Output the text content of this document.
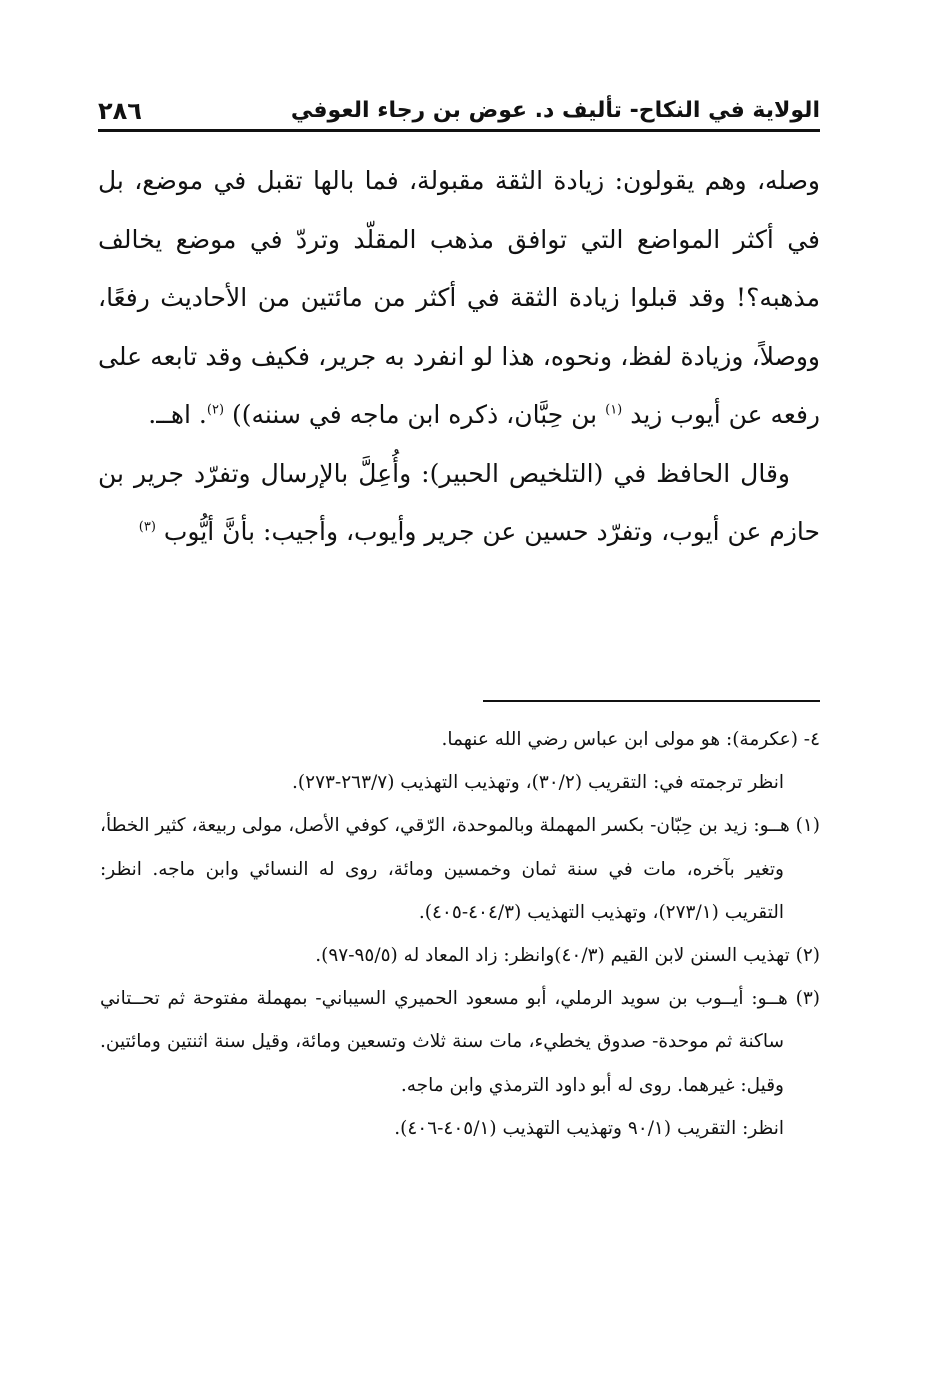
الولاية في النكاح- تأليف د. عوض بن رجاء العوفي
٢٨٦

وصله، وهم يقولون: زيادة الثقة مقبولة، فما بالها تقبل في موضع، بل في أكثر المواضع التي توافق مذهب المقلّد وتردّ في موضع يخالف مذهبه؟! وقد قبلوا زيادة الثقة في أكثر من مائتين من الأحاديث رفعًا، ووصلاً، وزيادة لفظ، ونحوه، هذا لو انفرد به جرير، فكيف وقد تابعه على رفعه عن أيوب زيد $^{(١)}$ بن حِبَّان، ذكره ابن ماجه في سننه)) $^{(٢)}$. اهــ.

وقال الحافظ في (التلخيص الحبير): وأُعِلَّ بالإرسال وتفرّد جرير بن حازم عن أيوب، وتفرّد حسين عن جرير وأيوب، وأجيب: بأنَّ أيُّوب $^{(٣)}$

٤- (عكرمة): هو مولى ابن عباس رضي الله عنهما.

انظر ترجمته في: التقريب (٣٠/٢)، وتهذيب التهذيب (٢٦٣/٧-٢٧٣).

(١) هــو: زيد بن حِبّان- بكسر المهملة وبالموحدة، الرّقي، كوفي الأصل، مولى ربيعة، كثير الخطأ، وتغير بآخره، مات في سنة ثمان وخمسين ومائة، روى له النسائي وابن ماجه. انظر: التقريب (٢٧٣/١)، وتهذيب التهذيب (٤٠٤/٣-٤٠٥).

(٢) تهذيب السنن لابن القيم (٤٠/٣)وانظر: زاد المعاد له (٩٥/٥-٩٧).

(٣) هــو: أيــوب بن سويد الرملي، أبو مسعود الحميري السيباني- بمهملة مفتوحة ثم تحــتاني ساكنة ثم موحدة- صدوق يخطيء، مات سنة ثلاث وتسعين ومائة، وقيل سنة اثنتين ومائتين. وقيل: غيرهما. روى له أبو داود الترمذي وابن ماجه.

انظر: التقريب (٩٠/١ وتهذيب التهذيب (٤٠٥/١-٤٠٦).
